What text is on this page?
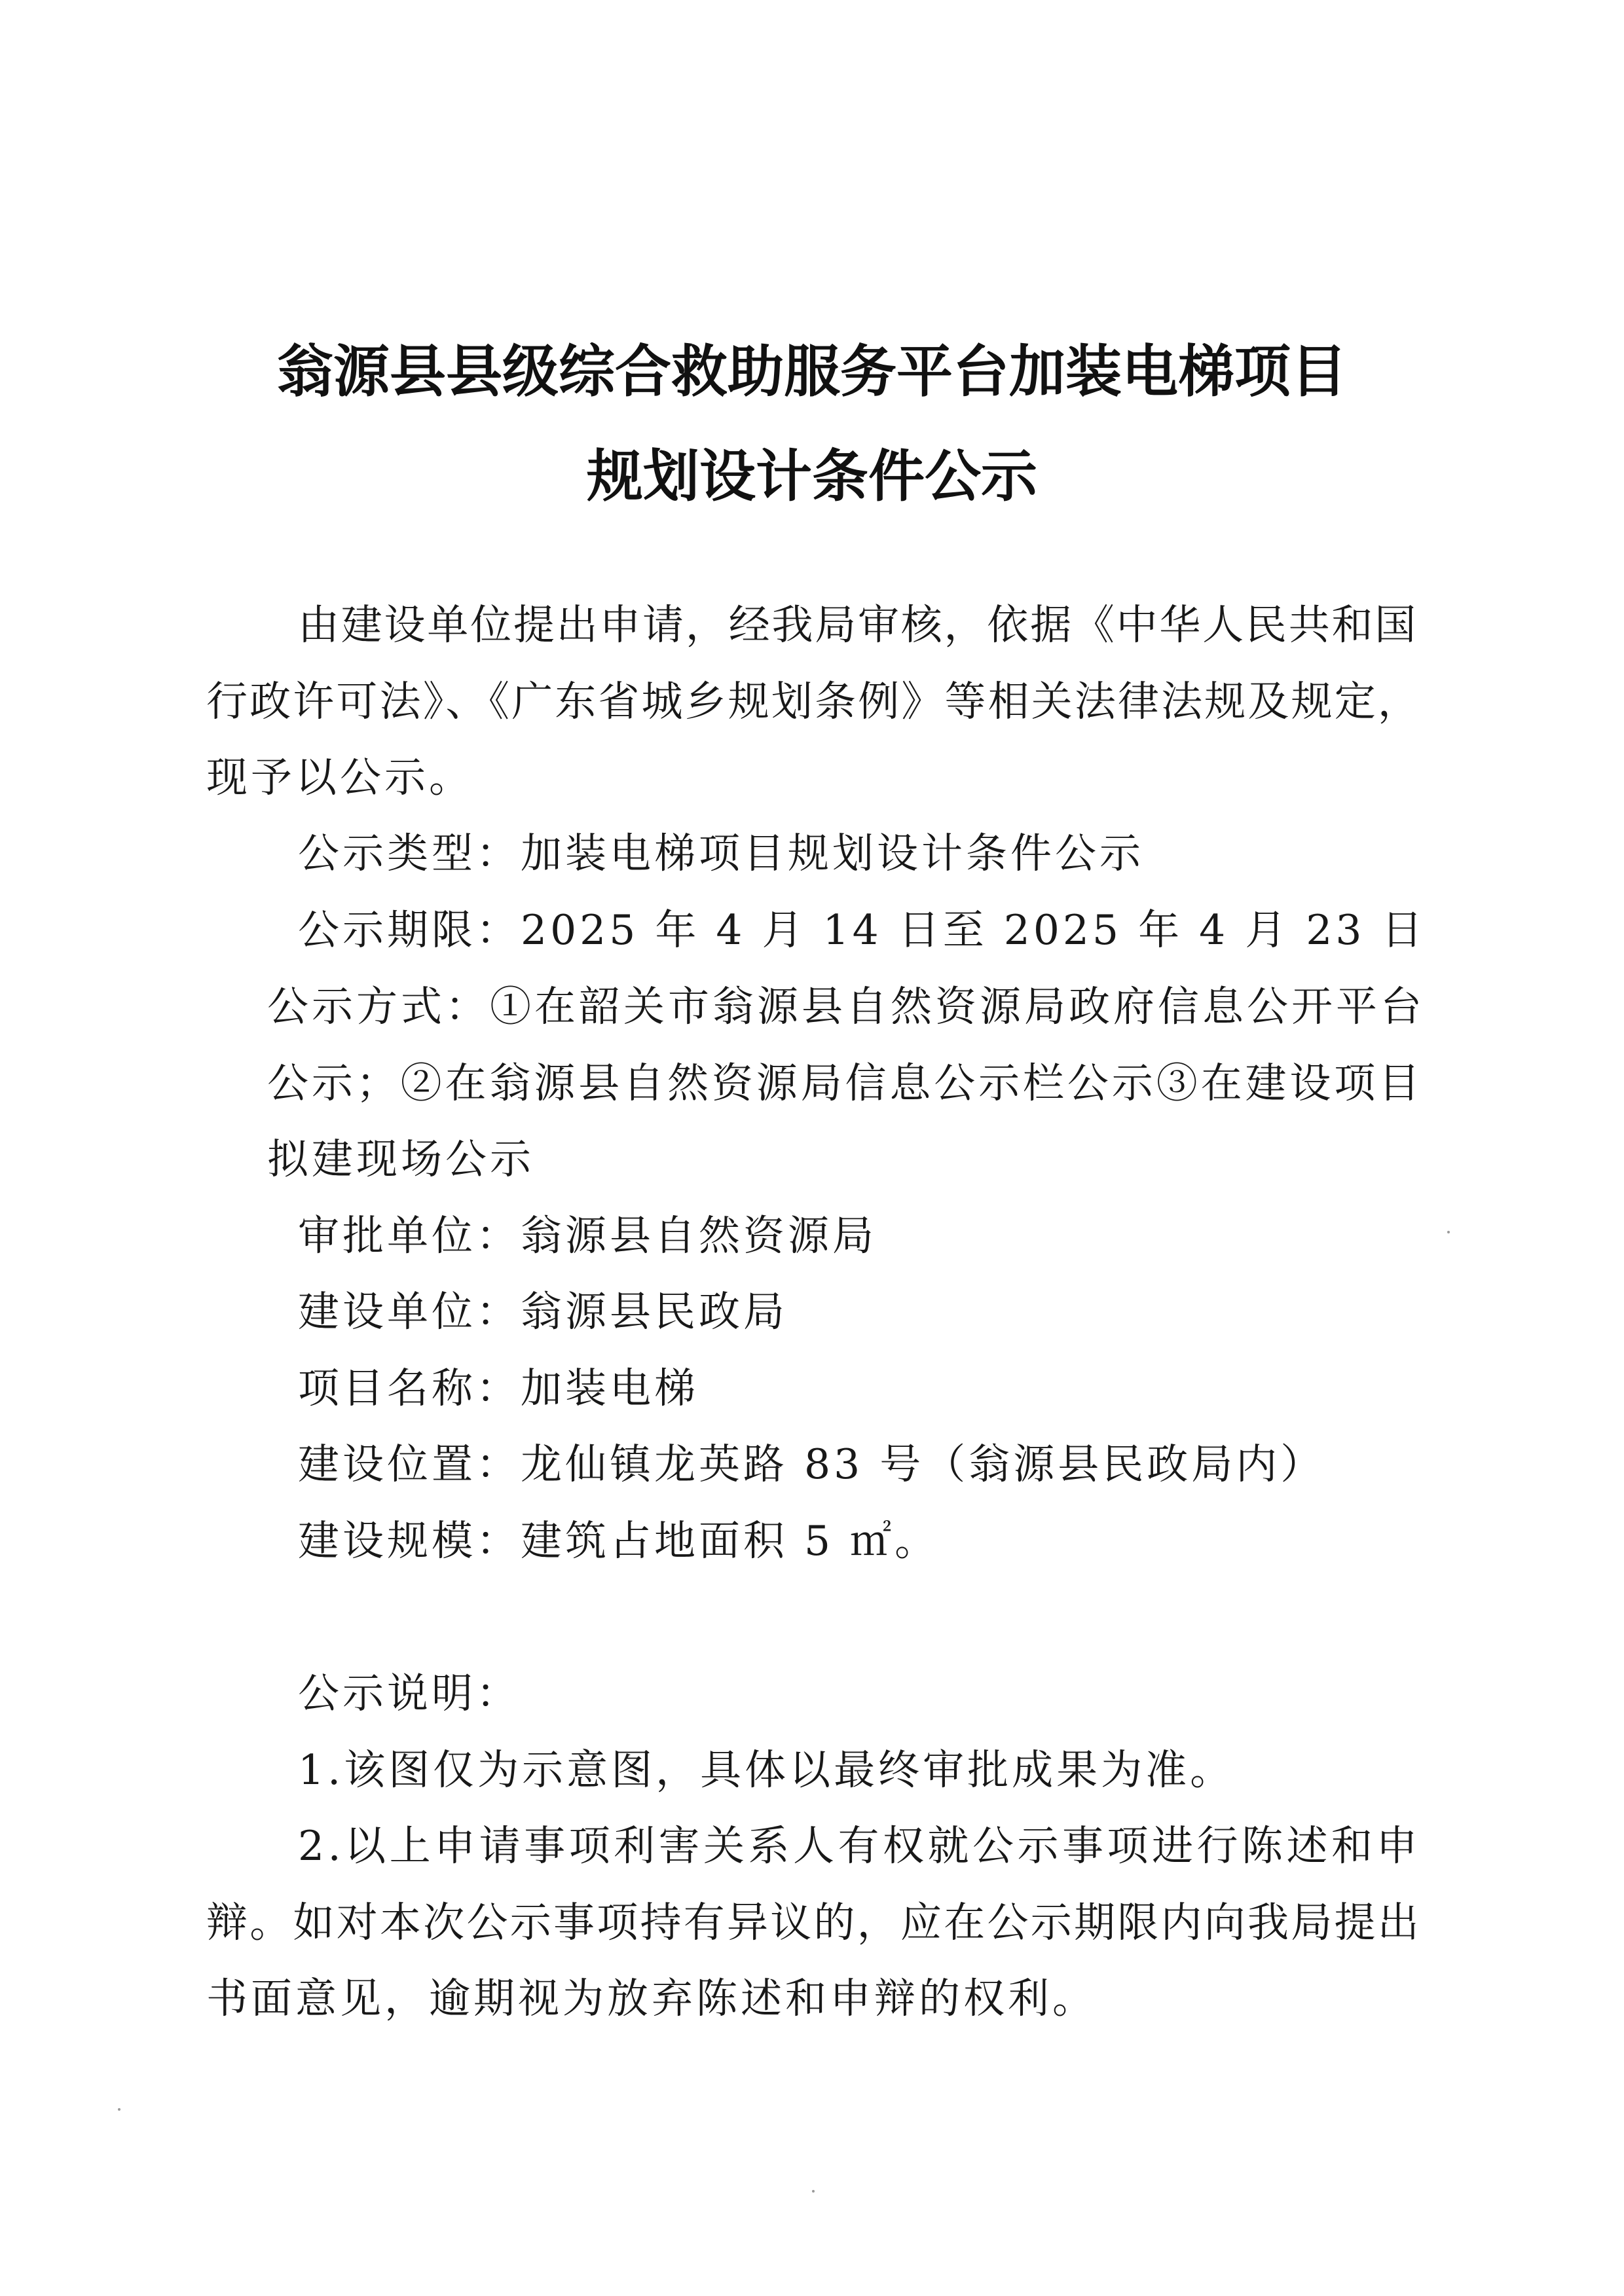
翁源县县级综合救助服务平台加装电梯项目
规划设计条件公示
由建设单位提出申请，经我局审核，依据《中华人民共和国
行政许可法》、《广东省城乡规划条例》等相关法律法规及规定，
现予以公示。
公示类型：加装电梯项目规划设计条件公示
公示期限：2025 年 4 月 14 日至 2025 年 4 月 23 日
公示方式：①在韶关市翁源县自然资源局政府信息公开平台
公示；②在翁源县自然资源局信息公示栏公示③在建设项目
拟建现场公示
审批单位：翁源县自然资源局
建设单位：翁源县民政局
项目名称：加装电梯
建设位置：龙仙镇龙英路 83 号（翁源县民政局内）
建设规模：建筑占地面积 5 ㎡。
公示说明：
1.该图仅为示意图，具体以最终审批成果为准。
2.以上申请事项利害关系人有权就公示事项进行陈述和申
辩。如对本次公示事项持有异议的，应在公示期限内向我局提出
书面意见，逾期视为放弃陈述和申辩的权利。
